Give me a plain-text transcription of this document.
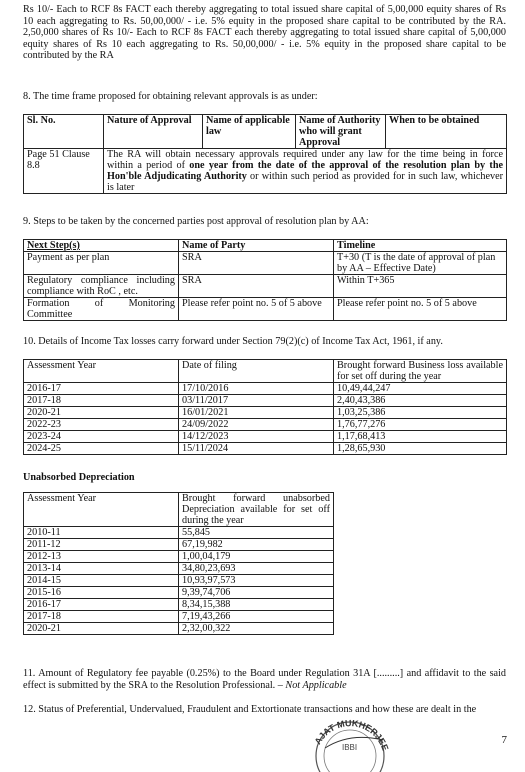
Rs 10/- Each to RCF 8s FACT each thereby aggregating to total issued share capital of 5,00,000 equity shares of Rs 10 each aggregating to Rs. 50,00,000/ - i.e. 5% equity in the proposed share capital to be contributed by the RA. 2,50,000 shares of Rs 10/- Each to RCF 8s FACT each thereby aggregating to total issued share capital of 5,00,000 equity shares of Rs 10 each aggregating to Rs. 50,00,000/ - i.e. 5% equity in the proposed share capital to be contributed by the RA
8. The time frame proposed for obtaining relevant approvals is as under:
Sl. No.	Nature of Approval	Name of applicable law	Name of Authority who will grant Approval	When to be obtained
Page 51 Clause 8.8	The RA will obtain necessary approvals required under any law for the time being in force within a period of one year from the date of the approval of the resolution plan by the Hon'ble Adjudicating Authority or within such period as provided for in such law, whichever is later			
9. Steps to be taken by the concerned parties post approval of resolution plan by AA:
Next Step(s)	Name of Party	Timeline
Payment as per plan	SRA	T+30 (T is the date of approval of plan by AA – Effective Date)
Regulatory compliance including compliance with RoC , etc.	SRA	Within T+365
Formation of Monitoring Committee	Please refer point no. 5 of 5 above	Please refer point no. 5 of 5 above
10. Details of Income Tax losses carry forward under Section 79(2)(c) of Income Tax Act, 1961, if any.
Assessment Year	Date of filing	Brought forward Business loss available for set off during the year
2016-17	17/10/2016	10,49,44,247
2017-18	03/11/2017	2,40,43,386
2020-21	16/01/2021	1,03,25,386
2022-23	24/09/2022	1,76,77,276
2023-24	14/12/2023	1,17,68,413
2024-25	15/11/2024	1,28,65,930
Unabsorbed Depreciation
Assessment Year	Brought forward unabsorbed Depreciation available for set off during the year
2010-11	55,845
2011-12	67,19,982
2012-13	1,00,04,179
2013-14	34,80,23,693
2014-15	10,93,97,573
2015-16	9,39,74,706
2016-17	8,34,15,388
2017-18	7,19,43,266
2020-21	2,32,00,322
11. Amount of Regulatory fee payable (0.25%) to the Board under Regulation 31A [.........] and affidavit to the said effect is submitted by the SRA to the Resolution Professional. – Not Applicable
12. Status of Preferential, Undervalued, Fraudulent and Extortionate transactions and how these are dealt in the
AJAT MUKHERJEE
IBBI
7
